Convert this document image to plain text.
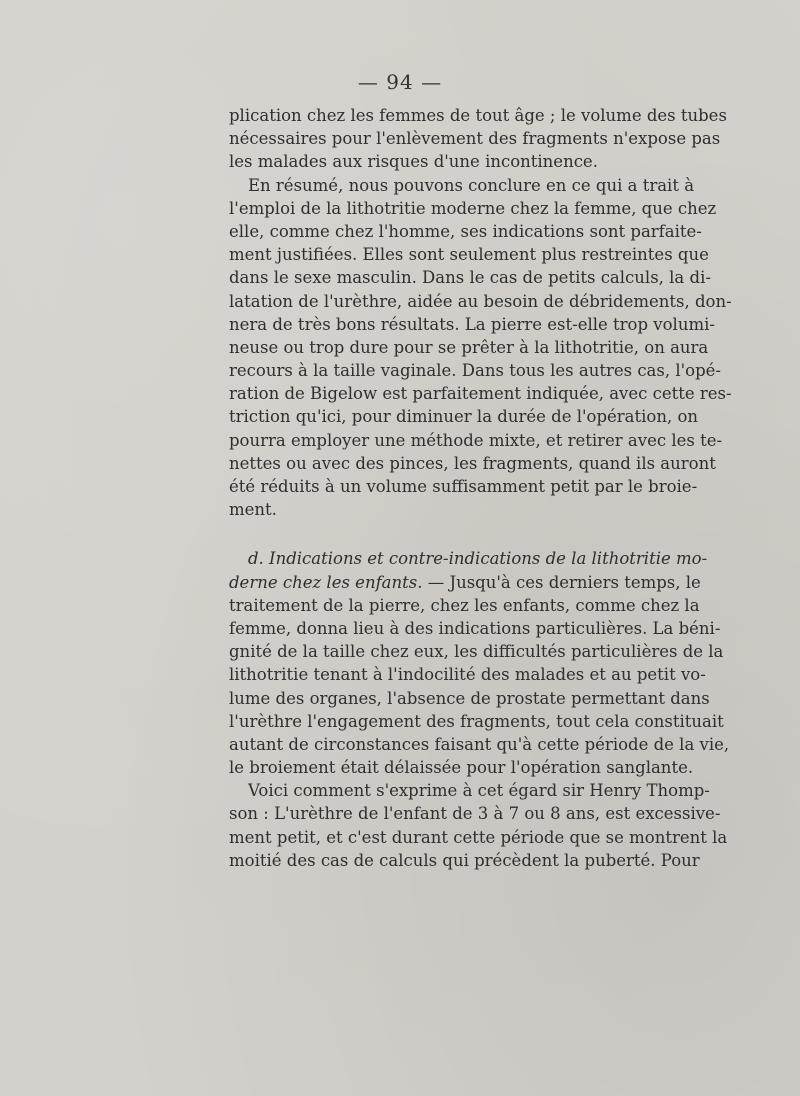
— 94 —
plication chez les femmes de tout âge ; le volume des tubes
nécessaires pour l'enlèvement des fragments n'expose pas
les malades aux risques d'une incontinence.
En résumé, nous pouvons conclure en ce qui a trait à
l'emploi de la lithotritie moderne chez la femme, que chez
elle, comme chez l'homme, ses indications sont parfaite-
ment justifiées. Elles sont seulement plus restreintes que
dans le sexe masculin. Dans le cas de petits calculs, la di-
latation de l'urèthre, aidée au besoin de débridements, don-
nera de très bons résultats. La pierre est-elle trop volumi-
neuse ou trop dure pour se prêter à la lithotritie, on aura
recours à la taille vaginale. Dans tous les autres cas, l'opé-
ration de Bigelow est parfaitement indiquée, avec cette res-
triction qu'ici, pour diminuer la durée de l'opération, on
pourra employer une méthode mixte, et retirer avec les te-
nettes ou avec des pinces, les fragments, quand ils auront
été réduits à un volume suffisamment petit par le broie-
ment.
d. Indications et contre-indications de la lithotritie mo-
derne chez les enfants. — Jusqu'à ces derniers temps, le
traitement de la pierre, chez les enfants, comme chez la
femme, donna lieu à des indications particulières. La béni-
gnité de la taille chez eux, les difficultés particulières de la
lithotritie tenant à l'indocilité des malades et au petit vo-
lume des organes, l'absence de prostate permettant dans
l'urèthre l'engagement des fragments, tout cela constituait
autant de circonstances faisant qu'à cette période de la vie,
le broiement était délaissée pour l'opération sanglante.
Voici comment s'exprime à cet égard sir Henry Thomp-
son : L'urèthre de l'enfant de 3 à 7 ou 8 ans, est excessive-
ment petit, et c'est durant cette période que se montrent la
moitié des cas de calculs qui précèdent la puberté. Pour
